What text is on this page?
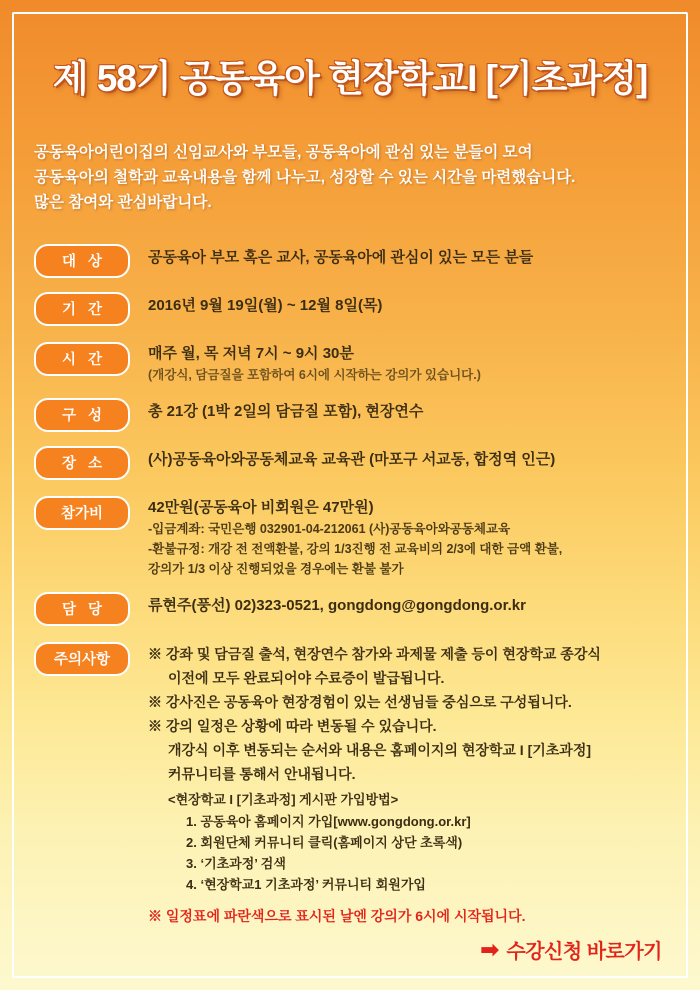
제 58기 공동육아 현장학교I [기초과정]
공동육아어린이집의 신임교사와 부모들, 공동육아에 관심 있는 분들이 모여
공동육아의 철학과 교육내용을 함께 나누고, 성장할 수 있는 시간을 마련했습니다.
많은 참여와 관심바랍니다.
대 상	공동육아 부모 혹은 교사, 공동육아에 관심이 있는 모든 분들
기 간	2016년 9월 19일(월) ~ 12월 8일(목)
시 간	매주 월, 목 저녁 7시 ~ 9시 30분
(개강식, 담금질을 포함하여 6시에 시작하는 강의가 있습니다.)
구 성	총 21강 (1박 2일의 담금질 포함), 현장연수
장 소	(사)공동육아와공동체교육 교육관 (마포구 서교동, 합정역 인근)
참가비	42만원(공동육아 비회원은 47만원)
-입금계좌: 국민은행 032901-04-212061 (사)공동육아와공동체교육
-환불규정: 개강 전 전액환불, 강의 1/3진행 전 교육비의 2/3에 대한 금액 환불,
강의가 1/3 이상 진행되었을 경우에는 환불 불가
담 당	류현주(풍선) 02)323-0521, gongdong@gongdong.or.kr
주의사항	※ 강좌 및 담금질 출석, 현장연수 참가와 과제물 제출 등이 현장학교 종강식
이전에 모두 완료되어야 수료증이 발급됩니다.
※ 강사진은 공동육아 현장경험이 있는 선생님들 중심으로 구성됩니다.
※ 강의 일정은 상황에 따라 변동될 수 있습니다.
개강식 이후 변동되는 순서와 내용은 홈페이지의 현장학교 I [기초과정]
커뮤니티를 통해서 안내됩니다.
<현장학교 I [기초과정] 게시판 가입방법>
1. 공동육아 홈페이지 가입[www.gongdong.or.kr]
2. 회원단체 커뮤니티 클릭(홈페이지 상단 초록색)
3. ‘기초과정’ 검색
4. ‘현장학교1 기초과정’ 커뮤니티 회원가입
※ 일정표에 파란색으로 표시된 날엔 강의가 6시에 시작됩니다.
➡ 수강신청 바로가기
